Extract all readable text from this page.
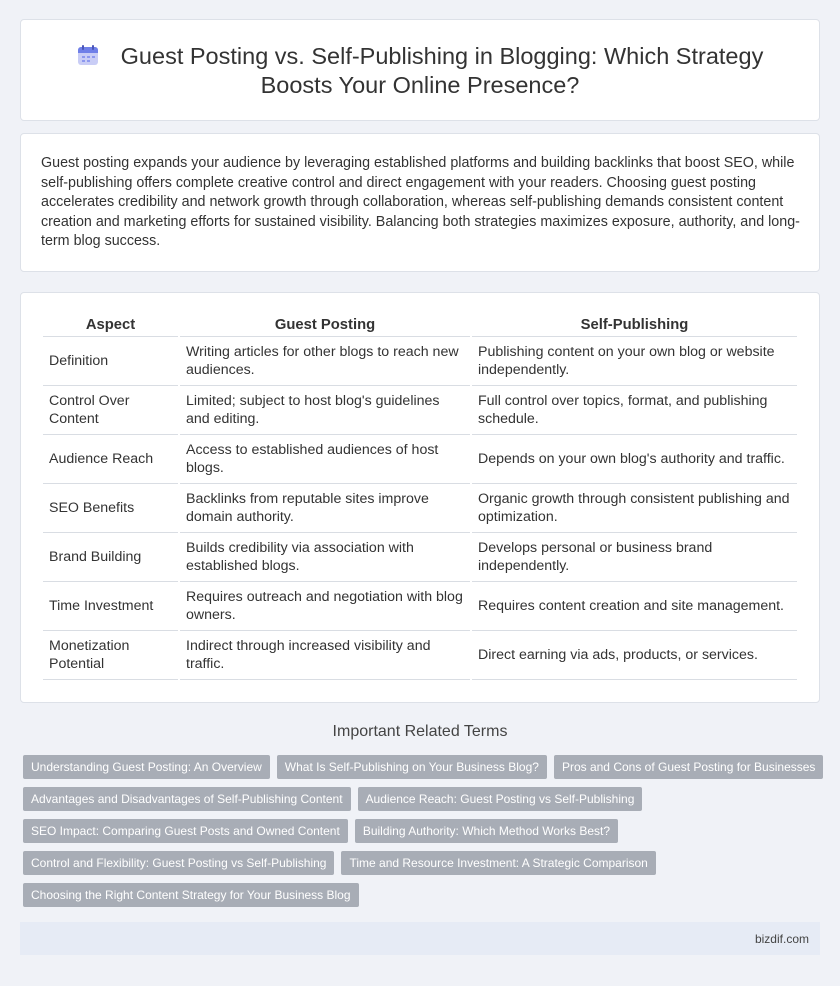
Guest Posting vs. Self-Publishing in Blogging: Which Strategy Boosts Your Online Presence?

Guest posting expands your audience by leveraging established platforms and building backlinks that boost SEO, while self-publishing offers complete creative control and direct engagement with your readers. Choosing guest posting accelerates credibility and network growth through collaboration, whereas self-publishing demands consistent content creation and marketing efforts for sustained visibility. Balancing both strategies maximizes exposure, authority, and long-term blog success.

Aspect	Guest Posting	Self-Publishing
Definition	Writing articles for other blogs to reach new audiences.	Publishing content on your own blog or website independently.
Control Over Content	Limited; subject to host blog's guidelines and editing.	Full control over topics, format, and publishing schedule.
Audience Reach	Access to established audiences of host blogs.	Depends on your own blog's authority and traffic.
SEO Benefits	Backlinks from reputable sites improve domain authority.	Organic growth through consistent publishing and optimization.
Brand Building	Builds credibility via association with established blogs.	Develops personal or business brand independently.
Time Investment	Requires outreach and negotiation with blog owners.	Requires content creation and site management.
Monetization Potential	Indirect through increased visibility and traffic.	Direct earning via ads, products, or services.
Important Related Terms
Understanding Guest Posting: An Overview	What Is Self-Publishing on Your Business Blog?	Pros and Cons of Guest Posting for Businesses
Advantages and Disadvantages of Self-Publishing Content	Audience Reach: Guest Posting vs Self-Publishing
SEO Impact: Comparing Guest Posts and Owned Content	Building Authority: Which Method Works Best?
Control and Flexibility: Guest Posting vs Self-Publishing	Time and Resource Investment: A Strategic Comparison
Choosing the Right Content Strategy for Your Business Blog
bizdif.com
